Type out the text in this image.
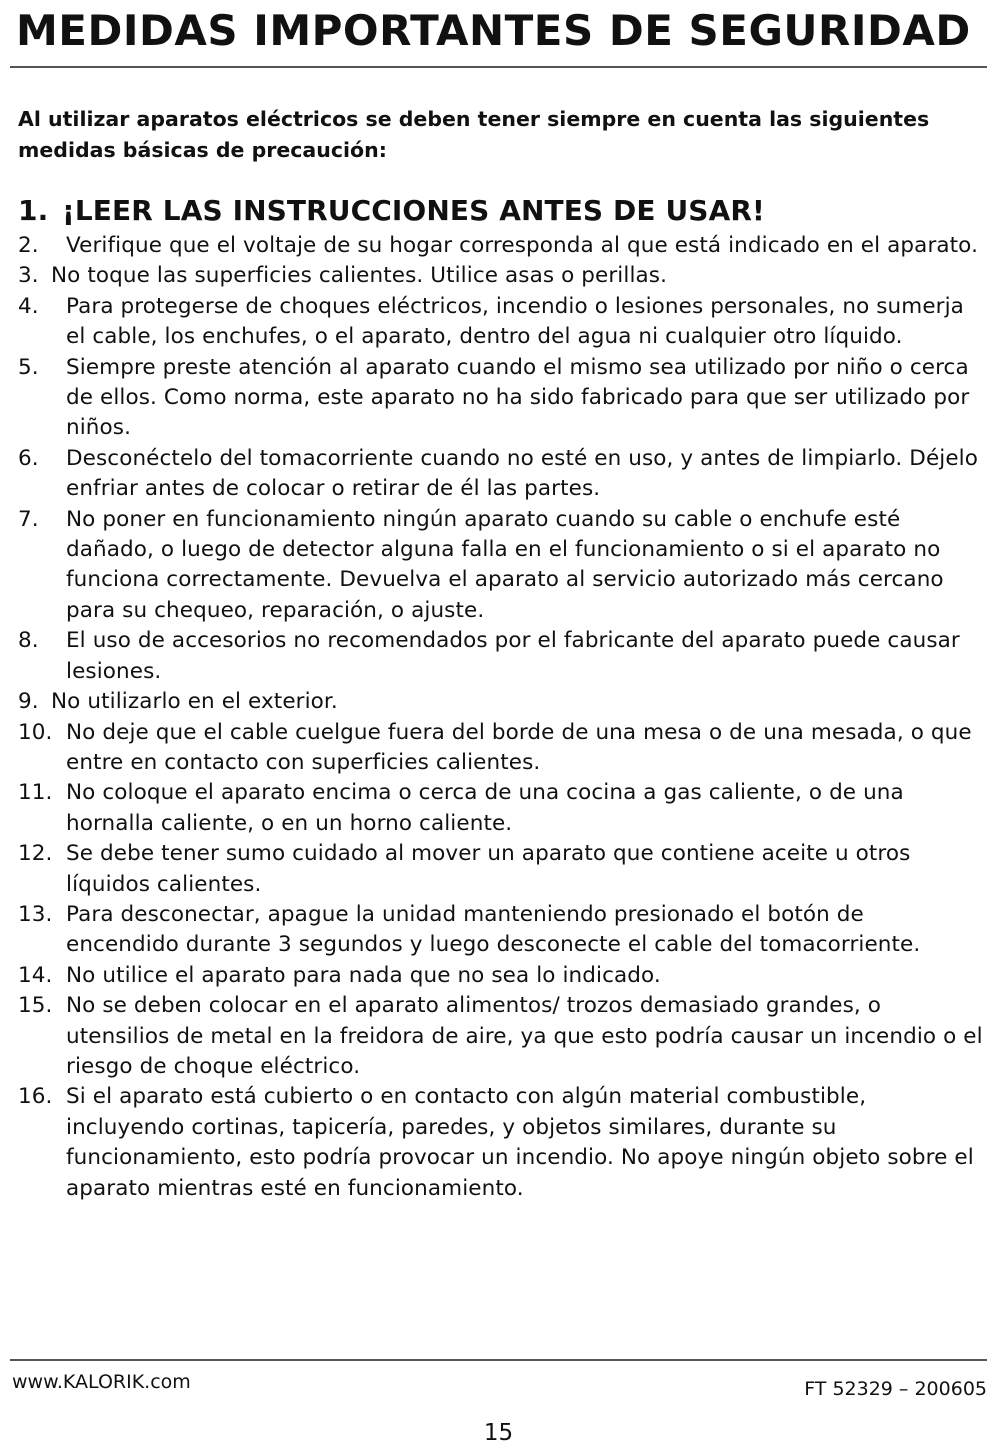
MEDIDAS IMPORTANTES DE SEGURIDAD

Al utilizar aparatos eléctricos se deben tener siempre en cuenta las siguientes medidas básicas de precaución:

1. ¡LEER LAS INSTRUCCIONES ANTES DE USAR!
2. Verifique que el voltaje de su hogar corresponda al que está indicado en el aparato.
3. No toque las superficies calientes. Utilice asas o perillas.
4. Para protegerse de choques eléctricos, incendio o lesiones personales, no sumerja el cable, los enchufes, o el aparato, dentro del agua ni cualquier otro líquido.
5. Siempre preste atención al aparato cuando el mismo sea utilizado por niño o cerca de ellos. Como norma, este aparato no ha sido fabricado para que ser utilizado por niños.
6. Desconéctelo del tomacorriente cuando no esté en uso, y antes de limpiarlo. Déjelo enfriar antes de colocar o retirar de él las partes.
7. No poner en funcionamiento ningún aparato cuando su cable o enchufe esté dañado, o luego de detector alguna falla en el funcionamiento o si el aparato no funciona correctamente. Devuelva el aparato al servicio autorizado más cercano para su chequeo, reparación, o ajuste.
8. El uso de accesorios no recomendados por el fabricante del aparato puede causar lesiones.
9. No utilizarlo en el exterior.
10. No deje que el cable cuelgue fuera del borde de una mesa o de una mesada, o que entre en contacto con superficies calientes.
11. No coloque el aparato encima o cerca de una cocina a gas caliente, o de una hornalla caliente, o en un horno caliente.
12. Se debe tener sumo cuidado al mover un aparato que contiene aceite u otros líquidos calientes.
13. Para desconectar, apague la unidad manteniendo presionado el botón de encendido durante 3 segundos y luego desconecte el cable del tomacorriente.
14. No utilice el aparato para nada que no sea lo indicado.
15. No se deben colocar en el aparato alimentos/ trozos demasiado grandes, o utensilios de metal en la freidora de aire, ya que esto podría causar un incendio o el riesgo de choque eléctrico.
16. Si el aparato está cubierto o en contacto con algún material combustible, incluyendo cortinas, tapicería, paredes, y objetos similares, durante su funcionamiento, esto podría provocar un incendio. No apoye ningún objeto sobre el aparato mientras esté en funcionamiento.
www.KALORIK.com	FT 52329 – 200605
15
